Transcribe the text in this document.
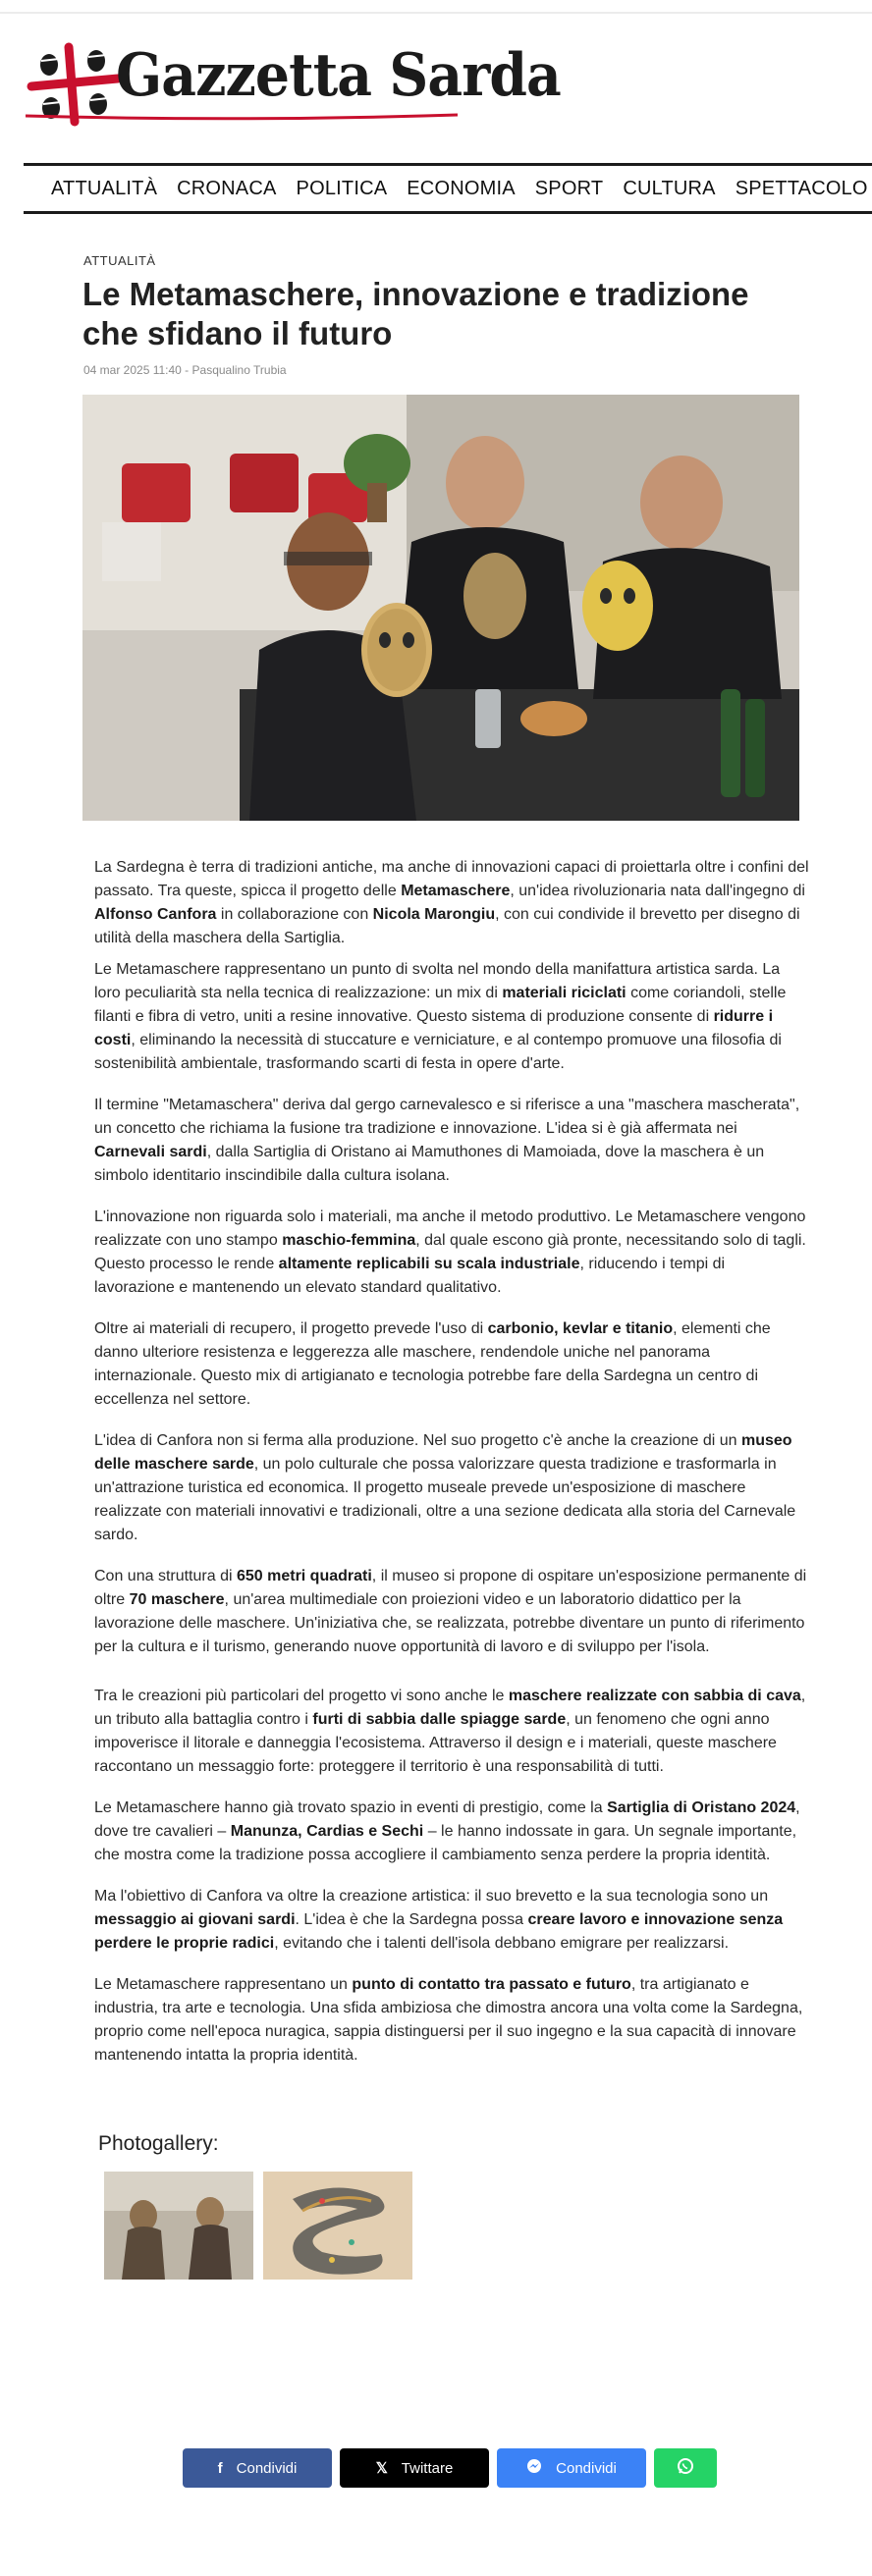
Gazzetta Sarda
ATTUALITÀ CRONACA POLITICA ECONOMIA SPORT CULTURA SPETTACOLO
ATTUALITÀ
Le Metamaschere, innovazione e tradizione che sfidano il futuro
04 mar 2025 11:40 - Pasqualino Trubia

La Sardegna è terra di tradizioni antiche, ma anche di innovazioni capaci di proiettarla oltre i confini del passato. Tra queste, spicca il progetto delle Metamaschere, un'idea rivoluzionaria nata dall'ingegno di Alfonso Canfora in collaborazione con Nicola Marongiu, con cui condivide il brevetto per disegno di utilità della maschera della Sartiglia.

Le Metamaschere rappresentano un punto di svolta nel mondo della manifattura artistica sarda. La loro peculiarità sta nella tecnica di realizzazione: un mix di materiali riciclati come coriandoli, stelle filanti e fibra di vetro, uniti a resine innovative. Questo sistema di produzione consente di ridurre i costi, eliminando la necessità di stuccature e verniciature, e al contempo promuove una filosofia di sostenibilità ambientale, trasformando scarti di festa in opere d'arte.

Il termine "Metamaschera" deriva dal gergo carnevalesco e si riferisce a una "maschera mascherata", un concetto che richiama la fusione tra tradizione e innovazione. L'idea si è già affermata nei Carnevali sardi, dalla Sartiglia di Oristano ai Mamuthones di Mamoiada, dove la maschera è un simbolo identitario inscindibile dalla cultura isolana.

L'innovazione non riguarda solo i materiali, ma anche il metodo produttivo. Le Metamaschere vengono realizzate con uno stampo maschio-femmina, dal quale escono già pronte, necessitando solo di tagli. Questo processo le rende altamente replicabili su scala industriale, riducendo i tempi di lavorazione e mantenendo un elevato standard qualitativo.

Oltre ai materiali di recupero, il progetto prevede l'uso di carbonio, kevlar e titanio, elementi che danno ulteriore resistenza e leggerezza alle maschere, rendendole uniche nel panorama internazionale. Questo mix di artigianato e tecnologia potrebbe fare della Sardegna un centro di eccellenza nel settore.

L'idea di Canfora non si ferma alla produzione. Nel suo progetto c'è anche la creazione di un museo delle maschere sarde, un polo culturale che possa valorizzare questa tradizione e trasformarla in un'attrazione turistica ed economica. Il progetto museale prevede un'esposizione di maschere realizzate con materiali innovativi e tradizionali, oltre a una sezione dedicata alla storia del Carnevale sardo.

Con una struttura di 650 metri quadrati, il museo si propone di ospitare un'esposizione permanente di oltre 70 maschere, un'area multimediale con proiezioni video e un laboratorio didattico per la lavorazione delle maschere. Un'iniziativa che, se realizzata, potrebbe diventare un punto di riferimento per la cultura e il turismo, generando nuove opportunità di lavoro e di sviluppo per l'isola.

Tra le creazioni più particolari del progetto vi sono anche le maschere realizzate con sabbia di cava, un tributo alla battaglia contro i furti di sabbia dalle spiagge sarde, un fenomeno che ogni anno impoverisce il litorale e danneggia l'ecosistema. Attraverso il design e i materiali, queste maschere raccontano un messaggio forte: proteggere il territorio è una responsabilità di tutti.

Le Metamaschere hanno già trovato spazio in eventi di prestigio, come la Sartiglia di Oristano 2024, dove tre cavalieri – Manunza, Cardias e Sechi – le hanno indossate in gara. Un segnale importante, che mostra come la tradizione possa accogliere il cambiamento senza perdere la propria identità.

Ma l'obiettivo di Canfora va oltre la creazione artistica: il suo brevetto e la sua tecnologia sono un messaggio ai giovani sardi. L'idea è che la Sardegna possa creare lavoro e innovazione senza perdere le proprie radici, evitando che i talenti dell'isola debbano emigrare per realizzarsi.

Le Metamaschere rappresentano un punto di contatto tra passato e futuro, tra artigianato e industria, tra arte e tecnologia. Una sfida ambiziosa che dimostra ancora una volta come la Sardegna, proprio come nell'epoca nuragica, sappia distinguersi per il suo ingegno e la sua capacità di innovare mantenendo intatta la propria identità.

Photogallery:
f Condividi	𝕏 Twittare	Condividi
